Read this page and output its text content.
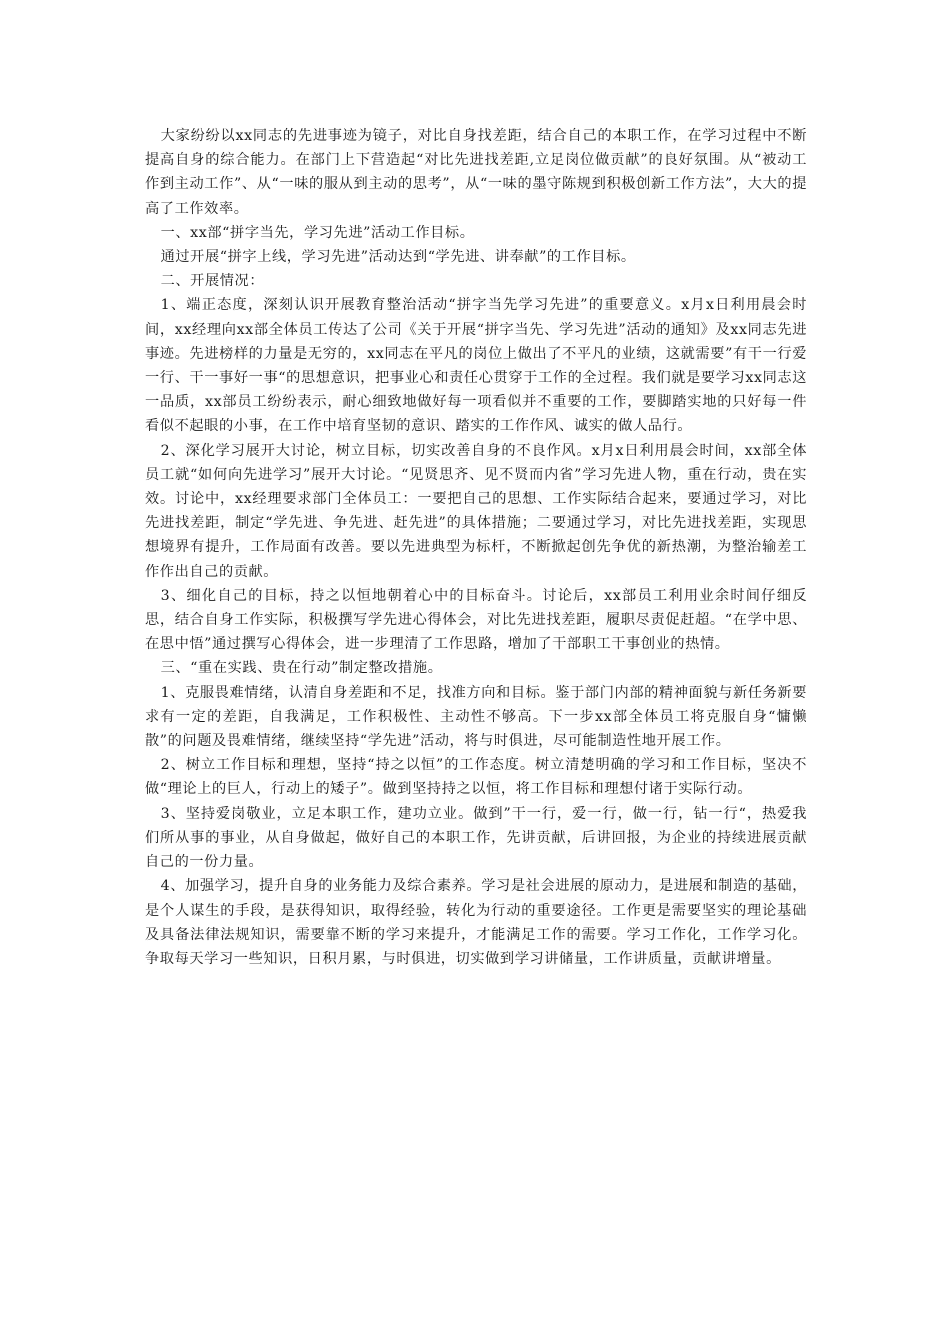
大家纷纷以xx同志的先进事迹为镜子，对比自身找差距，结合自己的本职工作，在学习过程中不断提高自身的综合能力。在部门上下营造起“对比先进找差距,立足岗位做贡献”的良好氛围。从“被动工作到主动工作”、从“一味的服从到主动的思考”，从“一味的墨守陈规到积极创新工作方法”，大大的提高了工作效率。

一、xx部“拼字当先，学习先进”活动工作目标。

通过开展“拼字上线，学习先进”活动达到“学先进、讲奉献”的工作目标。

二、开展情况：

1、端正态度，深刻认识开展教育整治活动“拼字当先学习先进”的重要意义。x月x日利用晨会时间，xx经理向xx部全体员工传达了公司《关于开展“拼字当先、学习先进”活动的通知》及xx同志先进事迹。先进榜样的力量是无穷的，xx同志在平凡的岗位上做出了不平凡的业绩，这就需要”有干一行爱一行、干一事好一事“的思想意识，把事业心和责任心贯穿于工作的全过程。我们就是要学习xx同志这一品质，xx部员工纷纷表示，耐心细致地做好每一项看似并不重要的工作，要脚踏实地的只好每一件看似不起眼的小事，在工作中培育坚韧的意识、踏实的工作作风、诚实的做人品行。

2、深化学习展开大讨论，树立目标，切实改善自身的不良作风。x月x日利用晨会时间，xx部全体员工就“如何向先进学习”展开大讨论。“见贤思齐、见不贤而内省”学习先进人物，重在行动，贵在实效。讨论中，xx经理要求部门全体员工：一要把自己的思想、工作实际结合起来，要通过学习，对比先进找差距，制定“学先进、争先进、赶先进”的具体措施；二要通过学习，对比先进找差距，实现思想境界有提升，工作局面有改善。要以先进典型为标杆，不断掀起创先争优的新热潮，为整治输差工作作出自己的贡献。

3、细化自己的目标，持之以恒地朝着心中的目标奋斗。讨论后，xx部员工利用业余时间仔细反思，结合自身工作实际，积极撰写学先进心得体会，对比先进找差距，履职尽责促赶超。“在学中思、在思中悟”通过撰写心得体会，进一步理清了工作思路，增加了干部职工干事创业的热情。

三、“重在实践、贵在行动”制定整改措施。

1、克服畏难情绪，认清自身差距和不足，找准方向和目标。鉴于部门内部的精神面貌与新任务新要求有一定的差距，自我满足，工作积极性、主动性不够高。下一步xx部全体员工将克服自身“慵懒散”的问题及畏难情绪，继续坚持“学先进”活动，将与时俱进，尽可能制造性地开展工作。

2、树立工作目标和理想，坚持“持之以恒”的工作态度。树立清楚明确的学习和工作目标，坚决不做“理论上的巨人，行动上的矮子”。做到坚持持之以恒，将工作目标和理想付诸于实际行动。

3、坚持爱岗敬业，立足本职工作，建功立业。做到”干一行，爱一行，做一行，钻一行“，热爱我们所从事的事业，从自身做起，做好自己的本职工作，先讲贡献，后讲回报，为企业的持续进展贡献自己的一份力量。

4、加强学习，提升自身的业务能力及综合素养。学习是社会进展的原动力，是进展和制造的基础，是个人谋生的手段，是获得知识，取得经验，转化为行动的重要途径。工作更是需要坚实的理论基础及具备法律法规知识，需要靠不断的学习来提升，才能满足工作的需要。学习工作化，工作学习化。争取每天学习一些知识，日积月累，与时俱进，切实做到学习讲储量，工作讲质量，贡献讲增量。
